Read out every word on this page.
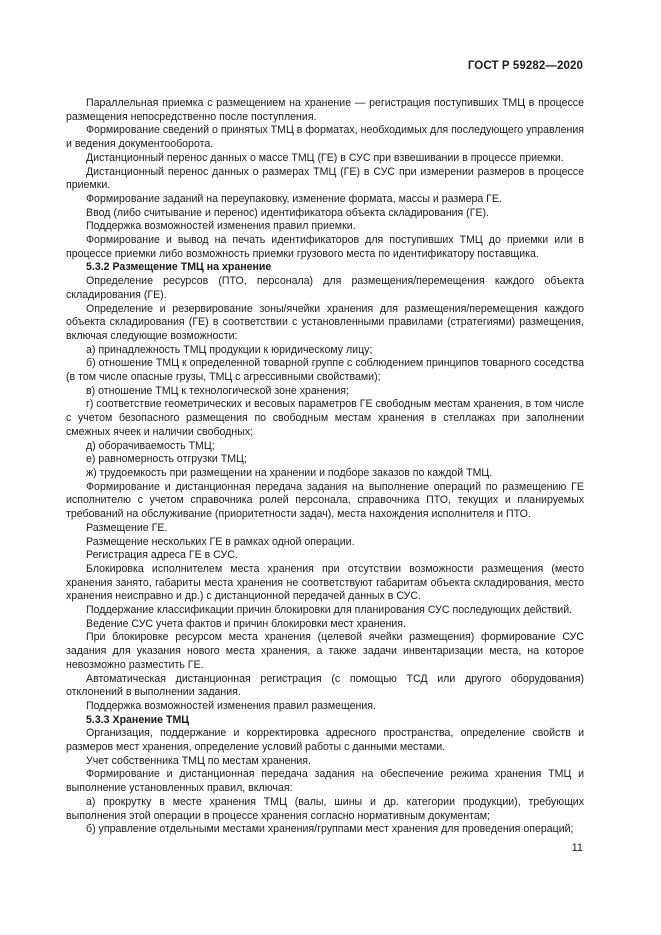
ГОСТ Р 59282—2020

Параллельная приемка с размещением на хранение — регистрация поступивших ТМЦ в процессе размещения непосредственно после поступления.

Формирование сведений о принятых ТМЦ в форматах, необходимых для последующего управления и ведения документооборота.

Дистанционный перенос данных о массе ТМЦ (ГЕ) в СУС при взвешивании в процессе приемки.

Дистанционный перенос данных о размерах ТМЦ (ГЕ) в СУС при измерении размеров в процессе приемки.

Формирование заданий на переупаковку, изменение формата, массы и размера ГЕ.

Ввод (либо считывание и перенос) идентификатора объекта складирования (ГЕ).

Поддержка возможностей изменения правил приемки.

Формирование и вывод на печать идентификаторов для поступивших ТМЦ до приемки или в процессе приемки либо возможность приемки грузового места по идентификатору поставщика.

5.3.2 Размещение ТМЦ на хранение

Определение ресурсов (ПТО, персонала) для размещения/перемещения каждого объекта складирования (ГЕ).

Определение и резервирование зоны/ячейки хранения для размещения/перемещения каждого объекта складирования (ГЕ) в соответствии с установленными правилами (стратегиями) размещения, включая следующие возможности:

а) принадлежность ТМЦ продукции к юридическому лицу;

б) отношение ТМЦ к определенной товарной группе с соблюдением принципов товарного соседства (в том числе опасные грузы, ТМЦ с агрессивными свойствами);

в) отношение ТМЦ к технологической зоне хранения;

г) соответствие геометрических и весовых параметров ГЕ свободным местам хранения, в том числе с учетом безопасного размещения по свободным местам хранения в стеллажах при заполнении смежных ячеек и наличии свободных;

д) оборачиваемость ТМЦ;

е) равномерность отгрузки ТМЦ;

ж) трудоемкость при размещении на хранении и подборе заказов по каждой ТМЦ.

Формирование и дистанционная передача задания на выполнение операций по размещению ГЕ исполнителю с учетом справочника ролей персонала, справочника ПТО, текущих и планируемых требований на обслуживание (приоритетности задач), места нахождения исполнителя и ПТО.

Размещение ГЕ.

Размещение нескольких ГЕ в рамках одной операции.

Регистрация адреса ГЕ в СУС.

Блокировка исполнителем места хранения при отсутствии возможности размещения (место хранения занято, габариты места хранения не соответствуют габаритам объекта складирования, место хранения неисправно и др.) с дистанционной передачей данных в СУС.

Поддержание классификации причин блокировки для планирования СУС последующих действий.

Ведение СУС учета фактов и причин блокировки мест хранения.

При блокировке ресурсом места хранения (целевой ячейки размещения) формирование СУС задания для указания нового места хранения, а также задачи инвентаризации места, на которое невозможно разместить ГЕ.

Автоматическая дистанционная регистрация (с помощью ТСД или другого оборудования) отклонений в выполнении задания.

Поддержка возможностей изменения правил размещения.

5.3.3 Хранение ТМЦ

Организация, поддержание и корректировка адресного пространства, определение свойств и размеров мест хранения, определение условий работы с данными местами.

Учет собственника ТМЦ по местам хранения.

Формирование и дистанционная передача задания на обеспечение режима хранения ТМЦ и выполнение установленных правил, включая:

а) прокрутку в месте хранения ТМЦ (валы, шины и др. категории продукции), требующих выполнения этой операции в процессе хранения согласно нормативным документам;

б) управление отдельными местами хранения/группами мест хранения для проведения операций;

11
